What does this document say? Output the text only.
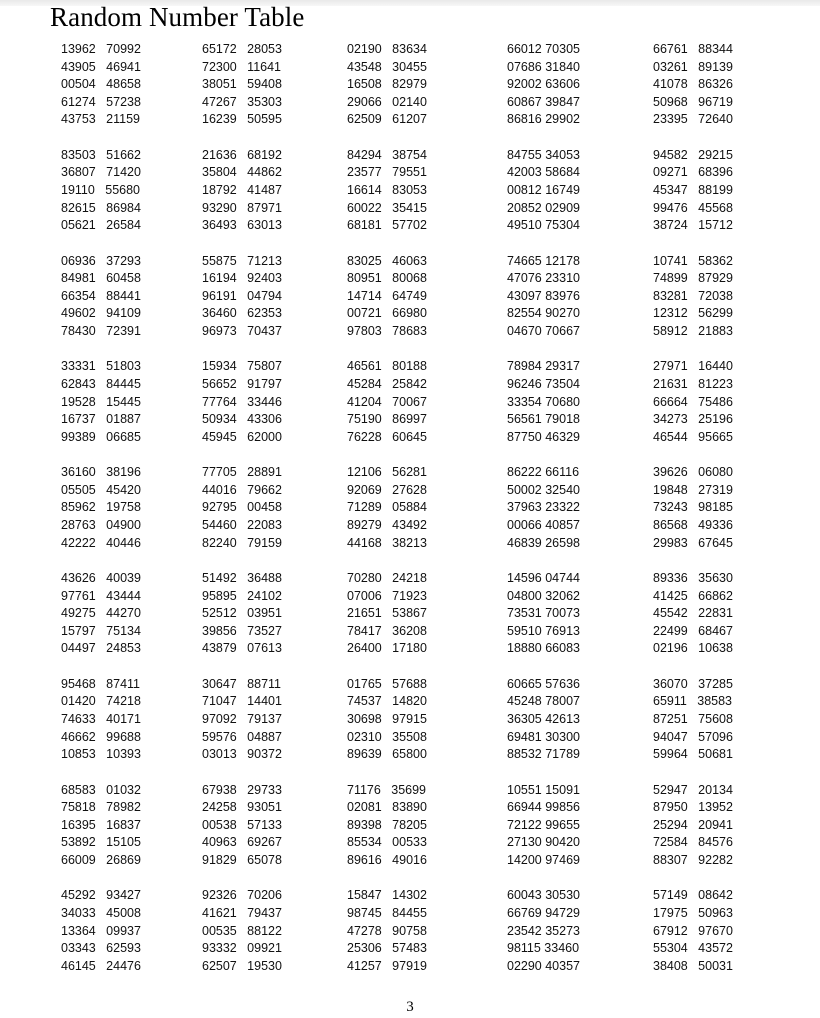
Random Number Table
13962   70992
43905   46941
00504   48658
61274   57238
43753   21159
65172   28053
72300   11641
38051   59408
47267   35303
16239   50595
02190   83634
43548   30455
16508   82979
29066   02140
62509   61207
66012 70305
07686 31840
92002 63606
60867 39847
86816 29902
66761   88344
03261   89139
41078   86326
50968   96719
23395   72640
83503   51662
36807   71420
19110   55680
82615   86984
05621   26584
21636   68192
35804   44862
18792   41487
93290   87971
36493   63013
84294   38754
23577   79551
16614   83053
60022   35415
68181   57702
84755 34053
42003 58684
00812 16749
20852 02909
49510 75304
94582   29215
09271   68396
45347   88199
99476   45568
38724   15712
06936   37293
84981   60458
66354   88441
49602   94109
78430   72391
55875   71213
16194   92403
96191   04794
36460   62353
96973   70437
83025   46063
80951   80068
14714   64749
00721   66980
97803   78683
74665 12178
47076 23310
43097 83976
82554 90270
04670 70667
10741   58362
74899   87929
83281   72038
12312   56299
58912   21883
33331   51803
62843   84445
19528   15445
16737   01887
99389   06685
15934   75807
56652   91797
77764   33446
50934   43306
45945   62000
46561   80188
45284   25842
41204   70067
75190   86997
76228   60645
78984 29317
96246 73504
33354 70680
56561 79018
87750 46329
27971   16440
21631   81223
66664   75486
34273   25196
46544   95665
36160   38196
05505   45420
85962   19758
28763   04900
42222   40446
77705   28891
44016   79662
92795   00458
54460   22083
82240   79159
12106   56281
92069   27628
71289   05884
89279   43492
44168   38213
86222 66116
50002 32540
37963 23322
00066 40857
46839 26598
39626   06080
19848   27319
73243   98185
86568   49336
29983   67645
43626   40039
97761   43444
49275   44270
15797   75134
04497   24853
51492   36488
95895   24102
52512   03951
39856   73527
43879   07613
70280   24218
07006   71923
21651   53867
78417   36208
26400   17180
14596 04744
04800 32062
73531 70073
59510 76913
18880 66083
89336   35630
41425   66862
45542   22831
22499   68467
02196   10638
95468   87411
01420   74218
74633   40171
46662   99688
10853   10393
30647   88711
71047   14401
97092   79137
59576   04887
03013   90372
01765   57688
74537   14820
30698   97915
02310   35508
89639   65800
60665 57636
45248 78007
36305 42613
69481 30300
88532 71789
36070   37285
65911   38583
87251   75608
94047   57096
59964   50681
68583   01032
75818   78982
16395   16837
53892   15105
66009   26869
67938   29733
24258   93051
00538   57133
40963   69267
91829   65078
71176   35699
02081   83890
89398   78205
85534   00533
89616   49016
10551 15091
66944 99856
72122 99655
27130 90420
14200 97469
52947   20134
87950   13952
25294   20941
72584   84576
88307   92282
45292   93427
34033   45008
13364   09937
03343   62593
46145   24476
92326   70206
41621   79437
00535   88122
93332   09921
62507   19530
15847   14302
98745   84455
47278   90758
25306   57483
41257   97919
60043 30530
66769 94729
23542 35273
98115 33460
02290 40357
57149   08642
17975   50963
67912   97670
55304   43572
38408   50031
3
